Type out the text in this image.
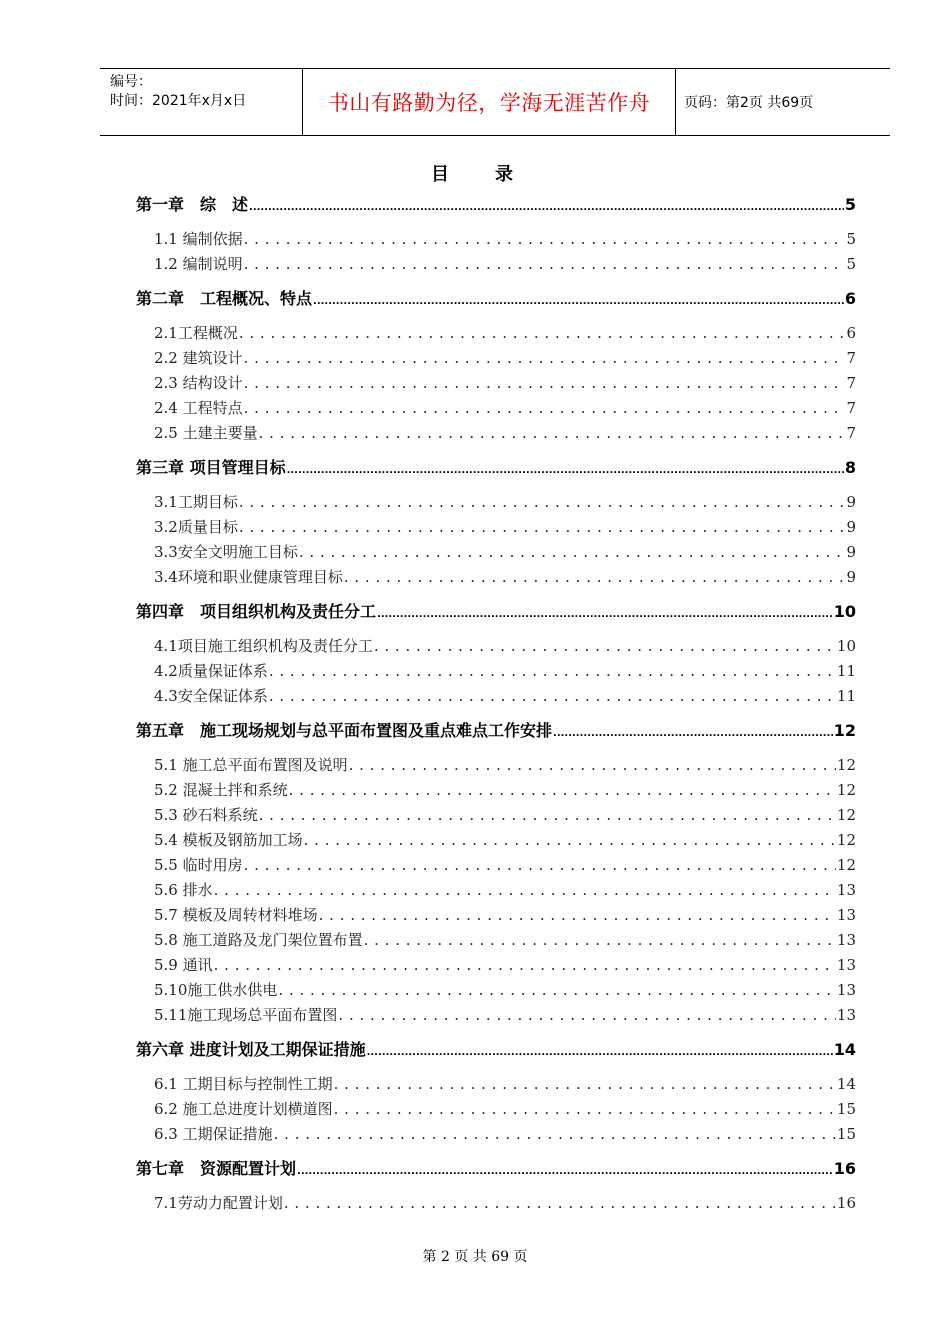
编号：
时间：2021年x月x日	书山有路勤为径，学海无涯苦作舟	页码：第2页 共69页
目录
第一章　综　述 .....	5
1.1 编制依据 . . .	5
1.2 编制说明 . . .	5
第二章　工程概况、特点 .....	6
2.1工程概况 . . .	6
2.2 建筑设计 . . .	7
2.3 结构设计 . . .	7
2.4 工程特点 . . .	7
2.5 土建主要量 . . .	7
第三章 项目管理目标 .....	8
3.1工期目标 . . .	9
3.2质量目标 . . .	9
3.3安全文明施工目标 . . .	9
3.4环境和职业健康管理目标 . . .	9
第四章　项目组织机构及责任分工 .....	10
4.1项目施工组织机构及责任分工 . . .	10
4.2质量保证体系 . . .	11
4.3安全保证体系 . . .	11
第五章　施工现场规划与总平面布置图及重点难点工作安排 .....	12
5.1 施工总平面布置图及说明 . . .	12
5.2 混凝土拌和系统 . . .	12
5.3 砂石料系统 . . .	12
5.4 模板及钢筋加工场 . . .	12
5.5 临时用房 . . .	12
5.6 排水 . . .	13
5.7 模板及周转材料堆场 . . .	13
5.8 施工道路及龙门架位置布置 . . .	13
5.9 通讯 . . .	13
5.10施工供水供电 . . .	13
5.11施工现场总平面布置图 . . .	13
第六章 进度计划及工期保证措施 .....	14
6.1 工期目标与控制性工期 . . .	14
6.2 施工总进度计划横道图 . . .	15
6.3 工期保证措施 . . .	15
第七章　资源配置计划 .....	16
7.1劳动力配置计划 . . .	16
第 2 页 共 69 页
